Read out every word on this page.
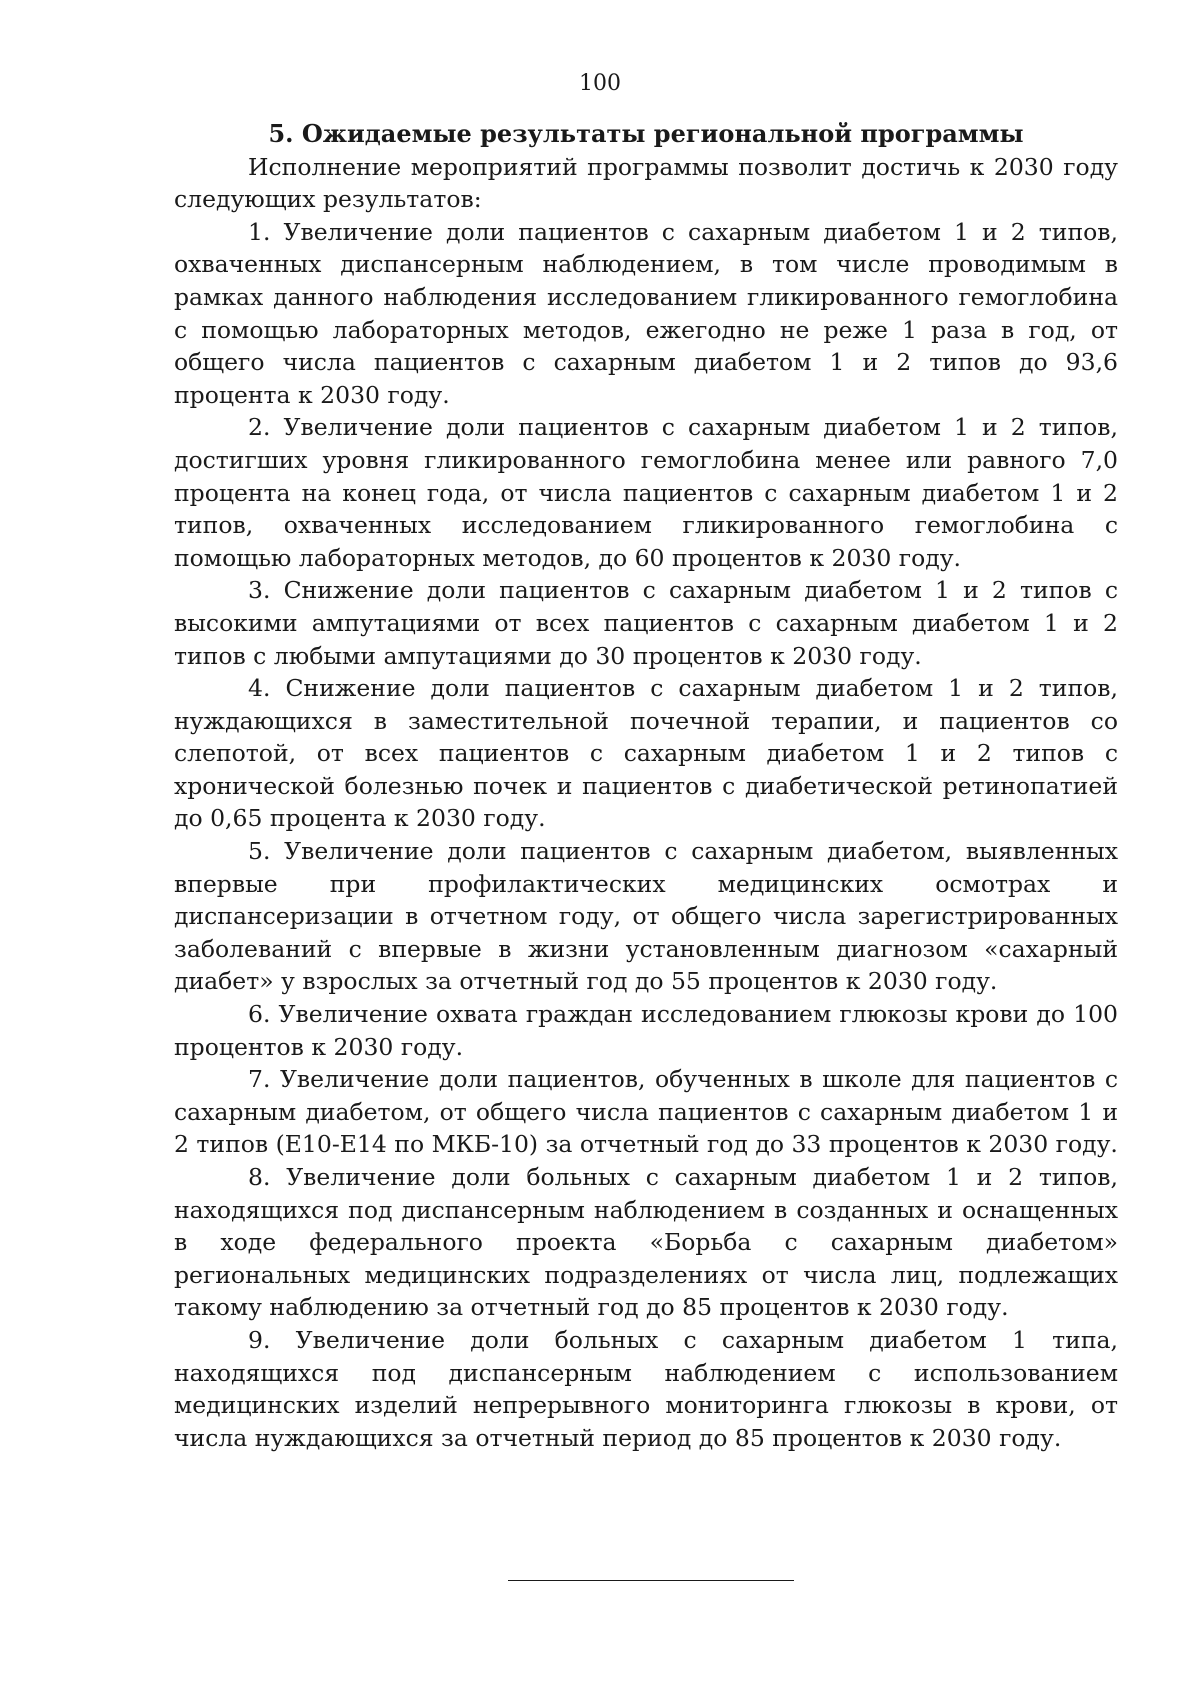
100

5. Ожидаемые результаты региональной программы

Исполнение мероприятий программы позволит достичь к 2030 году следующих результатов:

1. Увеличение доли пациентов с сахарным диабетом 1 и 2 типов, охваченных диспансерным наблюдением, в том числе проводимым в рамках данного наблюдения исследованием гликированного гемоглобина с помощью лабораторных методов, ежегодно не реже 1 раза в год, от общего числа пациентов с сахарным диабетом 1 и 2 типов до 93,6 процента к 2030 году.

2. Увеличение доли пациентов с сахарным диабетом 1 и 2 типов, достигших уровня гликированного гемоглобина менее или равного 7,0 процента на конец года, от числа пациентов с сахарным диабетом 1 и 2 типов, охваченных исследованием гликированного гемоглобина с помощью лабораторных методов, до 60 процентов к 2030 году.

3. Снижение доли пациентов с сахарным диабетом 1 и 2 типов с высокими ампутациями от всех пациентов с сахарным диабетом 1 и 2 типов с любыми ампутациями до 30 процентов к 2030 году.

4. Снижение доли пациентов с сахарным диабетом 1 и 2 типов, нуждающихся в заместительной почечной терапии, и пациентов со слепотой, от всех пациентов с сахарным диабетом 1 и 2 типов с хронической болезнью почек и пациентов с диабетической ретинопатией до 0,65 процента к 2030 году.

5. Увеличение доли пациентов с сахарным диабетом, выявленных впервые при профилактических медицинских осмотрах и диспансеризации в отчетном году, от общего числа зарегистрированных заболеваний с впервые в жизни установленным диагнозом «сахарный диабет» у взрослых за отчетный год до 55 процентов к 2030 году.

6. Увеличение охвата граждан исследованием глюкозы крови до 100 процентов к 2030 году.

7. Увеличение доли пациентов, обученных в школе для пациентов с сахарным диабетом, от общего числа пациентов с сахарным диабетом 1 и 2 типов (Е10-Е14 по МКБ-10) за отчетный год до 33 процентов к 2030 году.

8. Увеличение доли больных с сахарным диабетом 1 и 2 типов, находящихся под диспансерным наблюдением в созданных и оснащенных в ходе федерального проекта «Борьба с сахарным диабетом» региональных медицинских подразделениях от числа лиц, подлежащих такому наблюдению за отчетный год до 85 процентов к 2030 году.

9. Увеличение доли больных с сахарным диабетом 1 типа, находящихся под диспансерным наблюдением с использованием медицинских изделий непрерывного мониторинга глюкозы в крови, от числа нуждающихся за отчетный период до 85 процентов к 2030 году.
